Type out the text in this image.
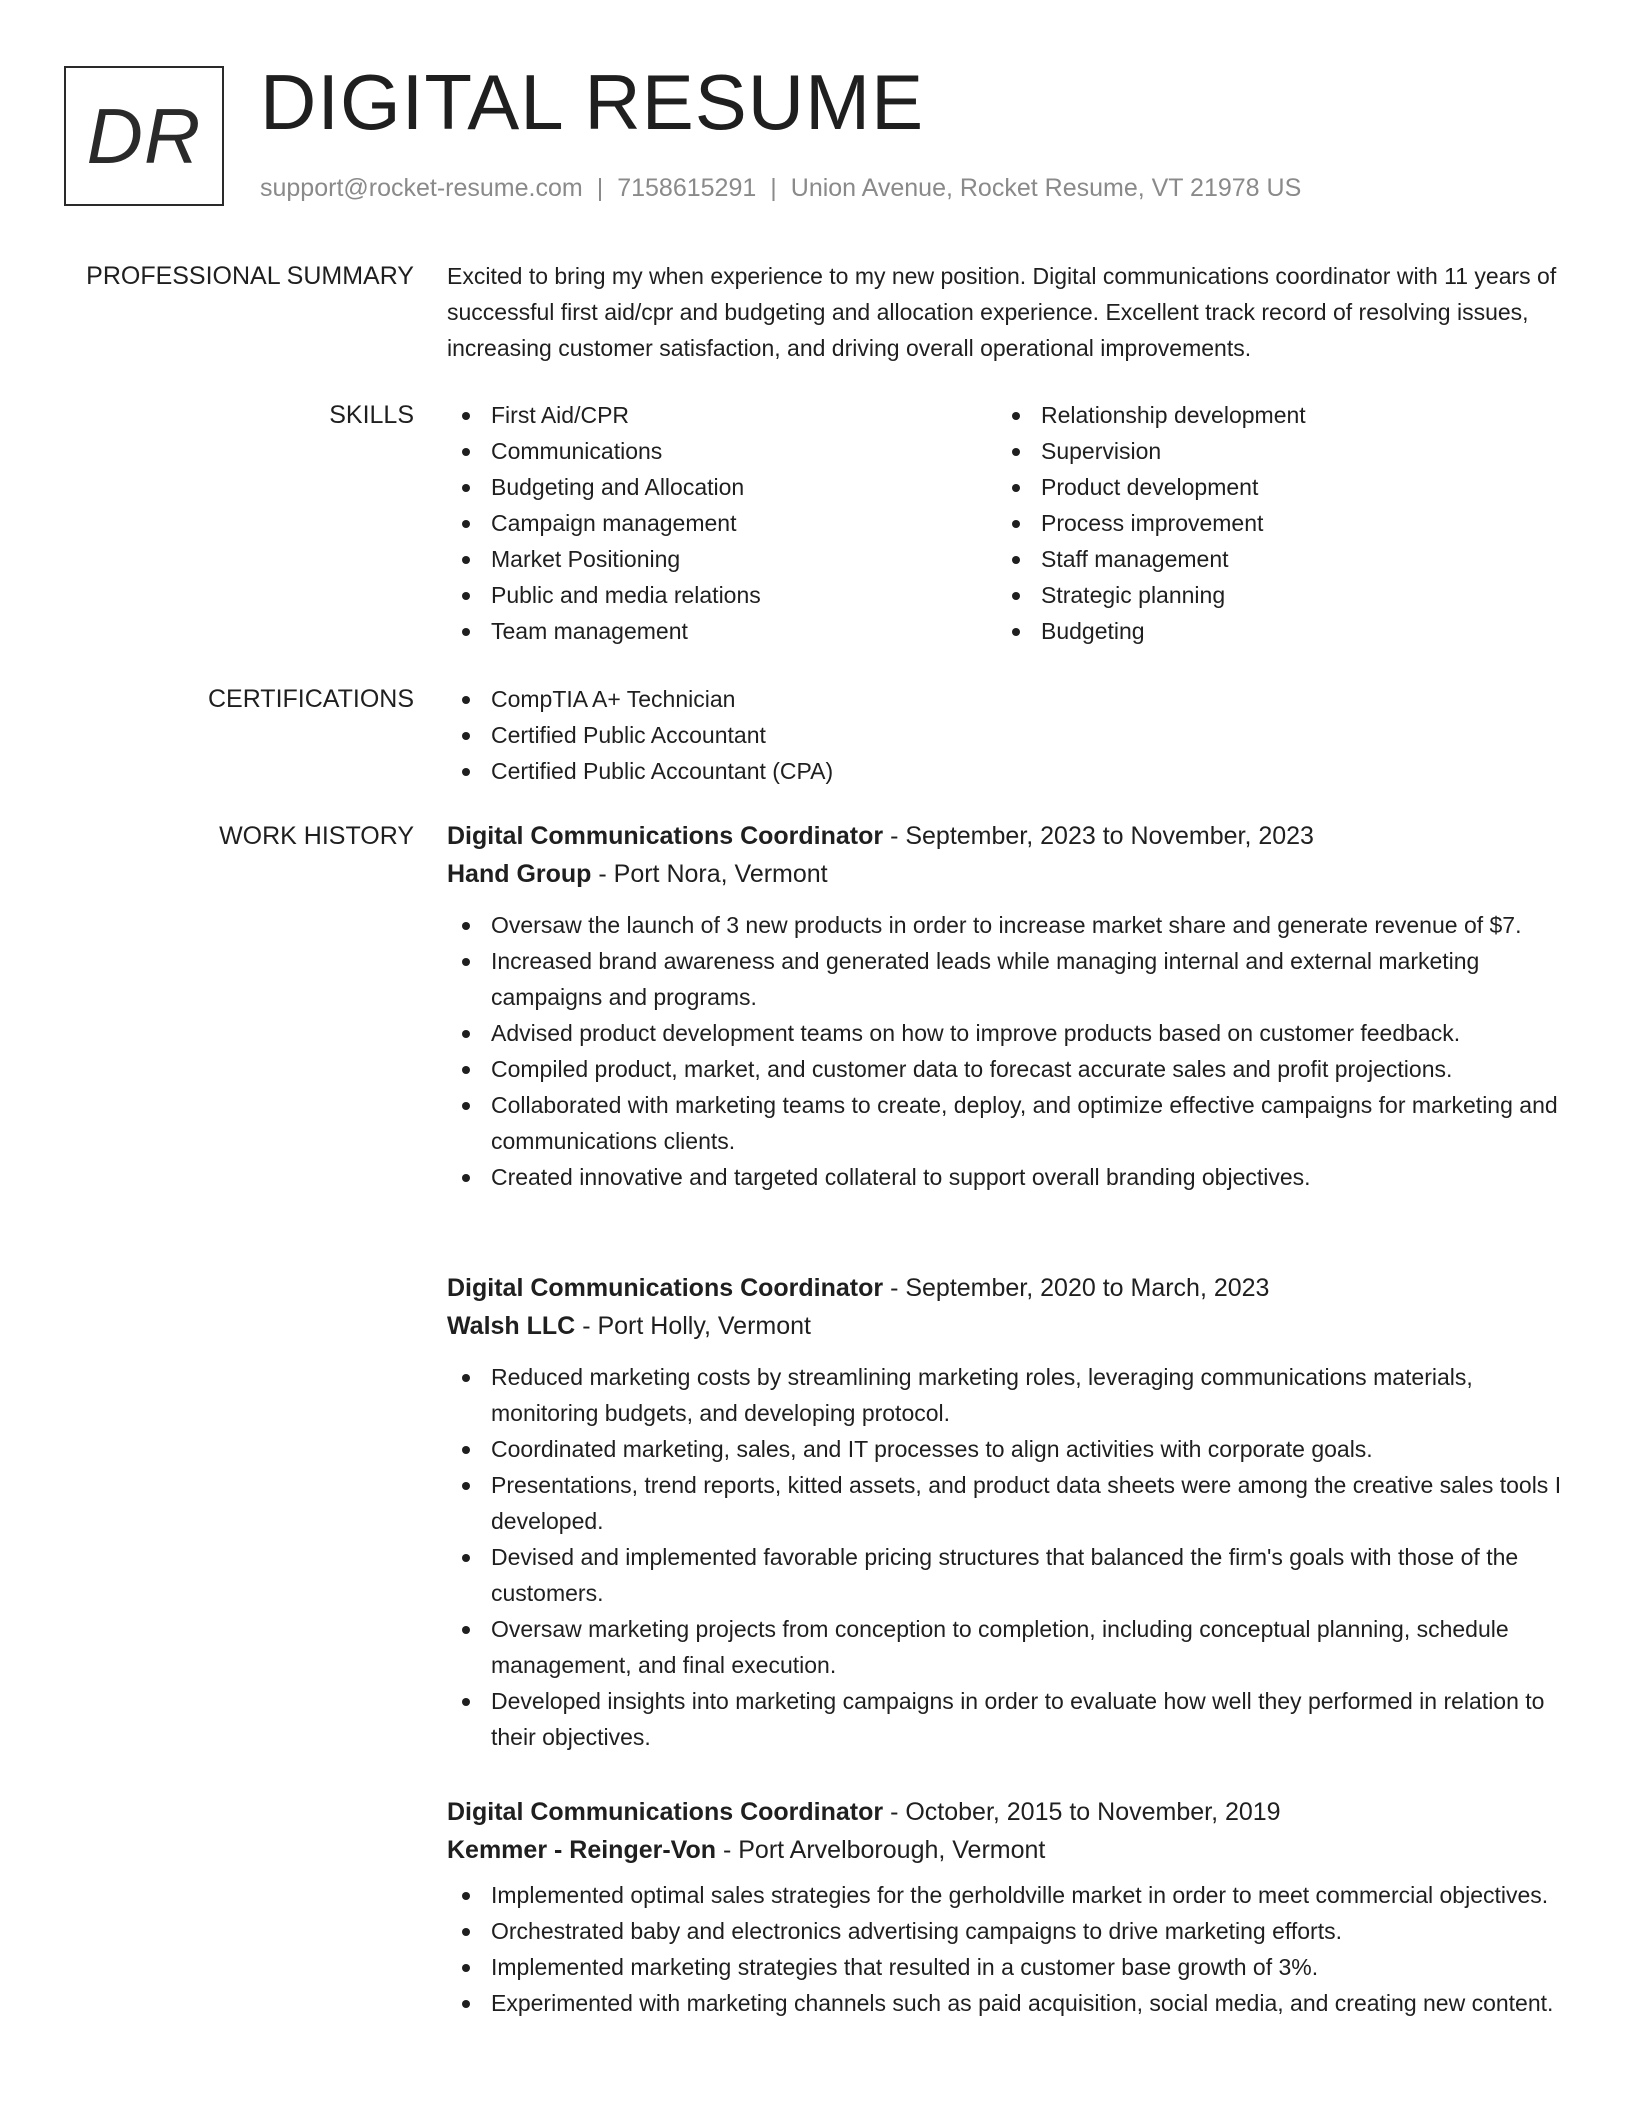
DR DIGITAL RESUME
support@rocket-resume.com | 7158615291 | Union Avenue, Rocket Resume, VT 21978 US
PROFESSIONAL SUMMARY Excited to bring my when experience to my new position. Digital communications coordinator with 11 years of successful first aid/cpr and budgeting and allocation experience. Excellent track record of resolving issues, increasing customer satisfaction, and driving overall operational improvements.
SKILLS	First Aid/CPR
Communications
Budgeting and Allocation
Campaign management
Market Positioning
Public and media relations
Team management
Relationship development
Supervision
Product development
Process improvement
Staff management
Strategic planning
Budgeting
CERTIFICATIONS	CompTIA A+ Technician
Certified Public Accountant
Certified Public Accountant (CPA)
WORK HISTORY Digital Communications Coordinator - September, 2023 to November, 2023
Hand Group - Port Nora, Vermont
Oversaw the launch of 3 new products in order to increase market share and generate revenue of $7.
Increased brand awareness and generated leads while managing internal and external marketing campaigns and programs.
Advised product development teams on how to improve products based on customer feedback.
Compiled product, market, and customer data to forecast accurate sales and profit projections.
Collaborated with marketing teams to create, deploy, and optimize effective campaigns for marketing and communications clients.
Created innovative and targeted collateral to support overall branding objectives.
Digital Communications Coordinator - September, 2020 to March, 2023
Walsh LLC - Port Holly, Vermont
Reduced marketing costs by streamlining marketing roles, leveraging communications materials, monitoring budgets, and developing protocol.
Coordinated marketing, sales, and IT processes to align activities with corporate goals.
Presentations, trend reports, kitted assets, and product data sheets were among the creative sales tools I developed.
Devised and implemented favorable pricing structures that balanced the firm's goals with those of the customers.
Oversaw marketing projects from conception to completion, including conceptual planning, schedule management, and final execution.
Developed insights into marketing campaigns in order to evaluate how well they performed in relation to their objectives.
Digital Communications Coordinator - October, 2015 to November, 2019
Kemmer - Reinger-Von - Port Arvelborough, Vermont
Implemented optimal sales strategies for the gerholdville market in order to meet commercial objectives.
Orchestrated baby and electronics advertising campaigns to drive marketing efforts.
Implemented marketing strategies that resulted in a customer base growth of 3%.
Experimented with marketing channels such as paid acquisition, social media, and creating new content.
